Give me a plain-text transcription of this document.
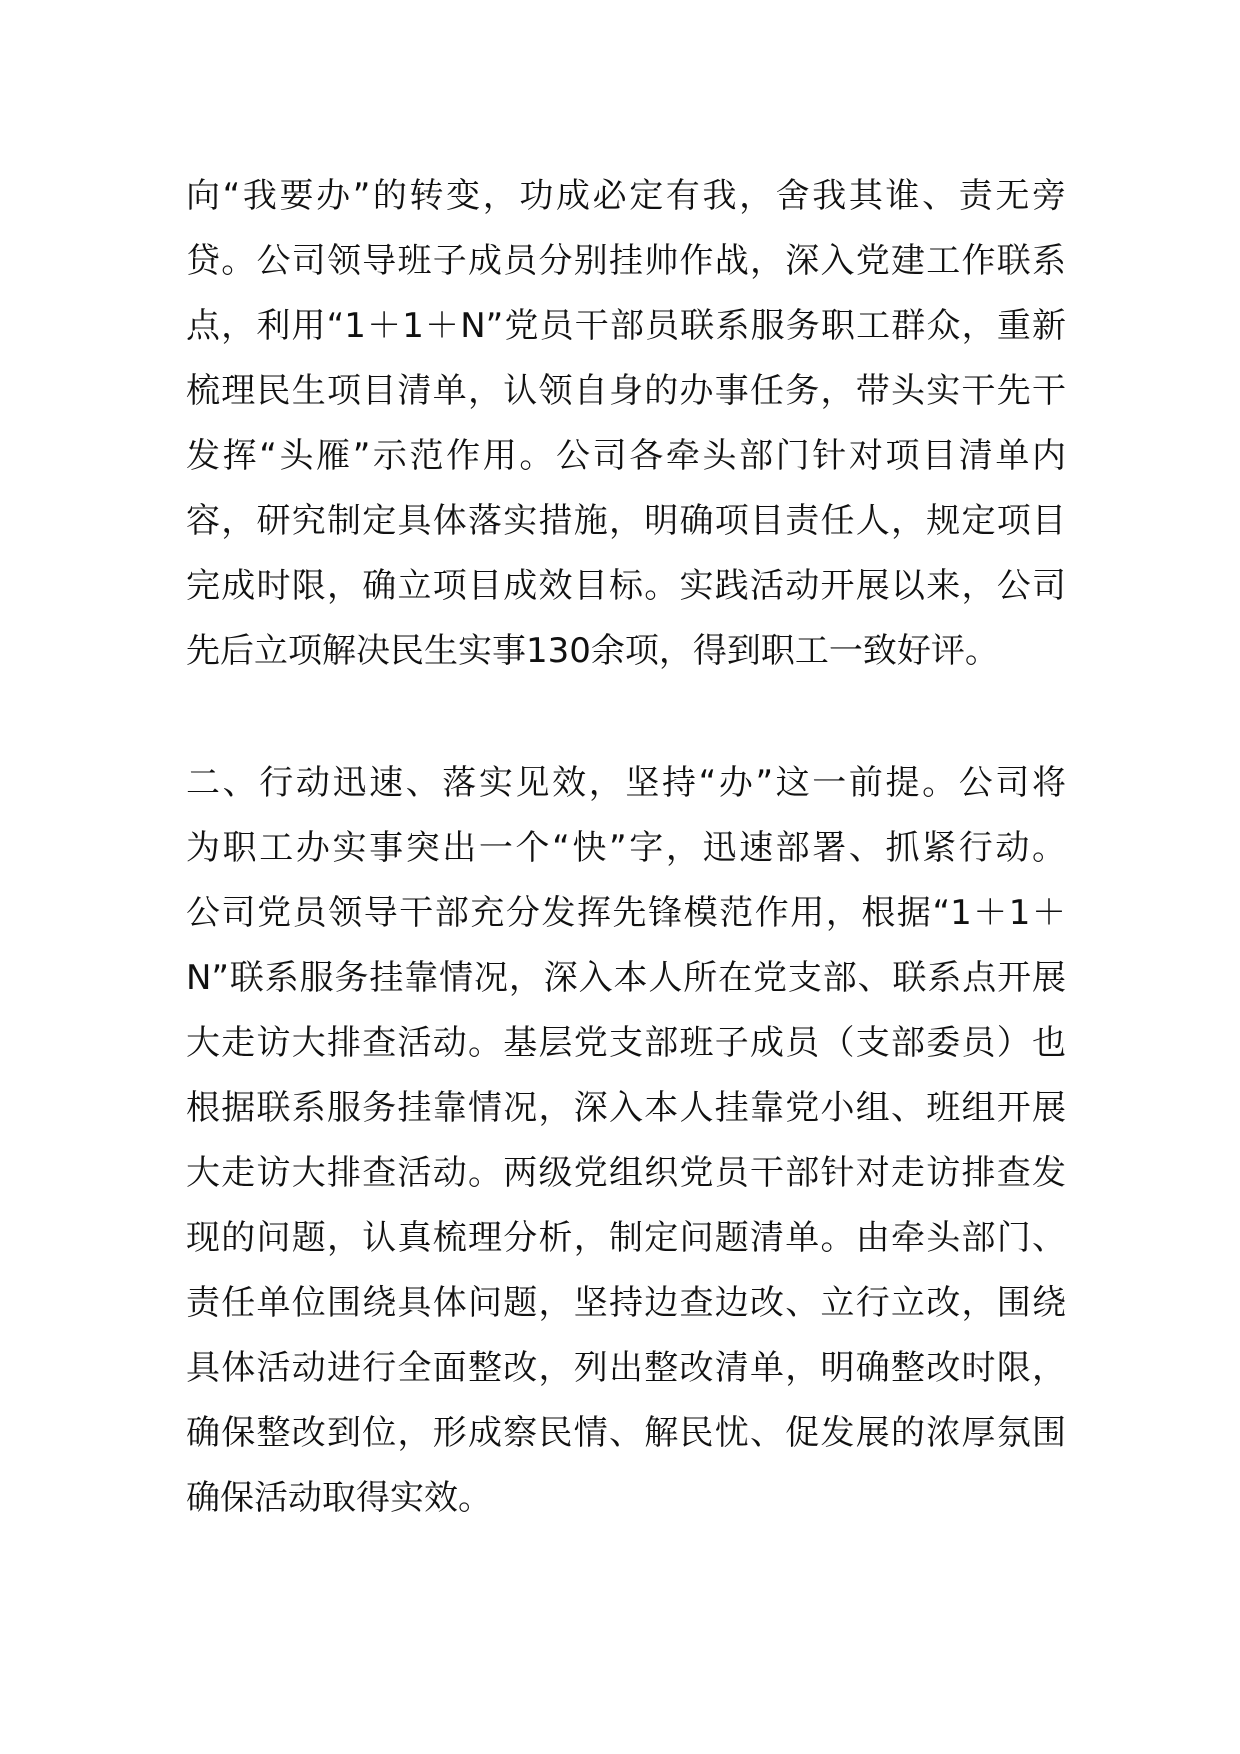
向“我要办”的转变，功成必定有我，舍我其谁、责无旁
贷。公司领导班子成员分别挂帅作战，深入党建工作联系
点，利用“1＋1＋N”党员干部员联系服务职工群众，重新
梳理民生项目清单，认领自身的办事任务，带头实干先干
发挥“头雁”示范作用。公司各牵头部门针对项目清单内
容，研究制定具体落实措施，明确项目责任人，规定项目
完成时限，确立项目成效目标。实践活动开展以来，公司
先后立项解决民生实事130余项，得到职工一致好评。
二、行动迅速、落实见效，坚持“办”这一前提。公司将
为职工办实事突出一个“快”字，迅速部署、抓紧行动。
公司党员领导干部充分发挥先锋模范作用，根据“1＋1＋
N”联系服务挂靠情况，深入本人所在党支部、联系点开展
大走访大排查活动。基层党支部班子成员（支部委员）也
根据联系服务挂靠情况，深入本人挂靠党小组、班组开展
大走访大排查活动。两级党组织党员干部针对走访排查发
现的问题，认真梳理分析，制定问题清单。由牵头部门、
责任单位围绕具体问题，坚持边查边改、立行立改，围绕
具体活动进行全面整改，列出整改清单，明确整改时限，
确保整改到位，形成察民情、解民忧、促发展的浓厚氛围
确保活动取得实效。
